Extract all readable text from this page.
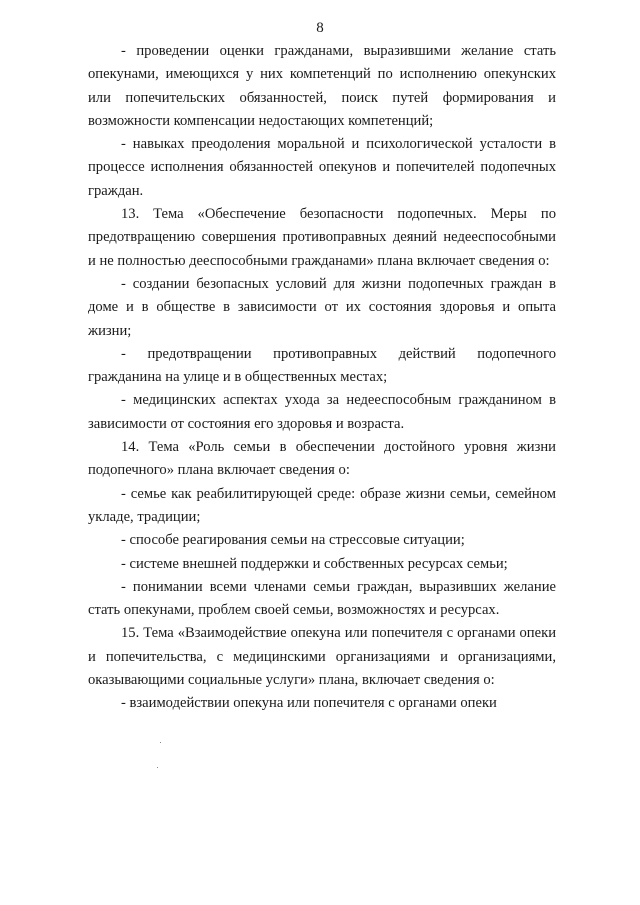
8

- проведении оценки гражданами, выразившими желание стать опекунами, имеющихся у них компетенций по исполнению опекунских или попечительских обязанностей, поиск путей формирования и возможности компенсации недостающих компетенций;

- навыках преодоления моральной и психологической усталости в процессе исполнения обязанностей опекунов и попечителей подопечных граждан.

13. Тема «Обеспечение безопасности подопечных. Меры по предотвращению совершения противоправных деяний недееспособными и не полностью дееспособными гражданами» плана включает сведения о:

- создании безопасных условий для жизни подопечных граждан в доме и в обществе в зависимости от их состояния здоровья и опыта жизни;

- предотвращении противоправных действий подопечного гражданина на улице и в общественных местах;

- медицинских аспектах ухода за недееспособным гражданином в зависимости от состояния его здоровья и возраста.

14. Тема «Роль семьи в обеспечении достойного уровня жизни подопечного» плана включает сведения о:

- семье как реабилитирующей среде: образе жизни семьи, семейном укладе, традиции;

- способе реагирования семьи на стрессовые ситуации;

- системе внешней поддержки и собственных ресурсах семьи;

- понимании всеми членами семьи граждан, выразивших желание стать опекунами, проблем своей семьи, возможностях и ресурсах.

15. Тема «Взаимодействие опекуна или попечителя с органами опеки и попечительства, с медицинскими организациями и организациями, оказывающими социальные услуги» плана, включает сведения о:

- взаимодействии опекуна или попечителя с органами опеки
